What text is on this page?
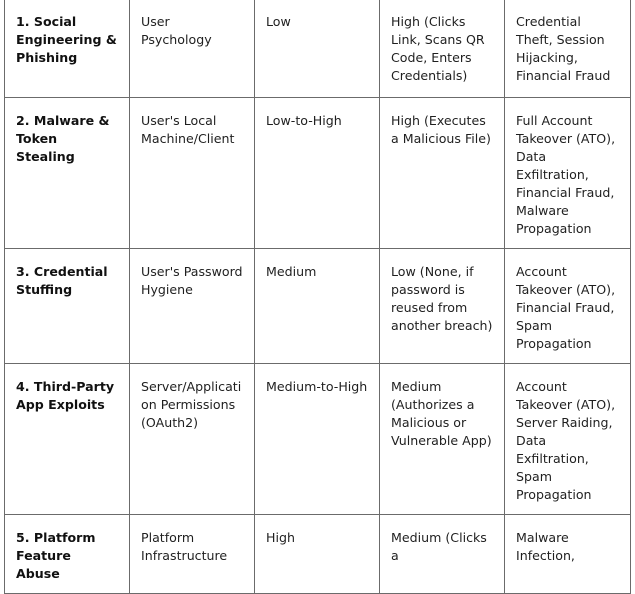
1. Social Engineering & Phishing	User Psychology	Low	High (Clicks Link, Scans QR Code, Enters Credentials)	Credential Theft, Session Hijacking, Financial Fraud

2. Malware & Token Stealing	User's Local Machine/Client	Low-to-High	High (Executes a Malicious File)	Full Account Takeover (ATO), Data Exfiltration, Financial Fraud, Malware Propagation

3. Credential Stuffing	User's Password Hygiene	Medium	Low (None, if password is reused from another breach)	Account Takeover (ATO), Financial Fraud, Spam Propagation

4. Third-Party App Exploits	Server/Application Permissions (OAuth2)	Medium-to-High	Medium (Authorizes a Malicious or Vulnerable App)	Account Takeover (ATO), Server Raiding, Data Exfiltration, Spam Propagation

5. Platform Feature Abuse	Platform Infrastructure	High	Medium (Clicks a	Malware Infection,
